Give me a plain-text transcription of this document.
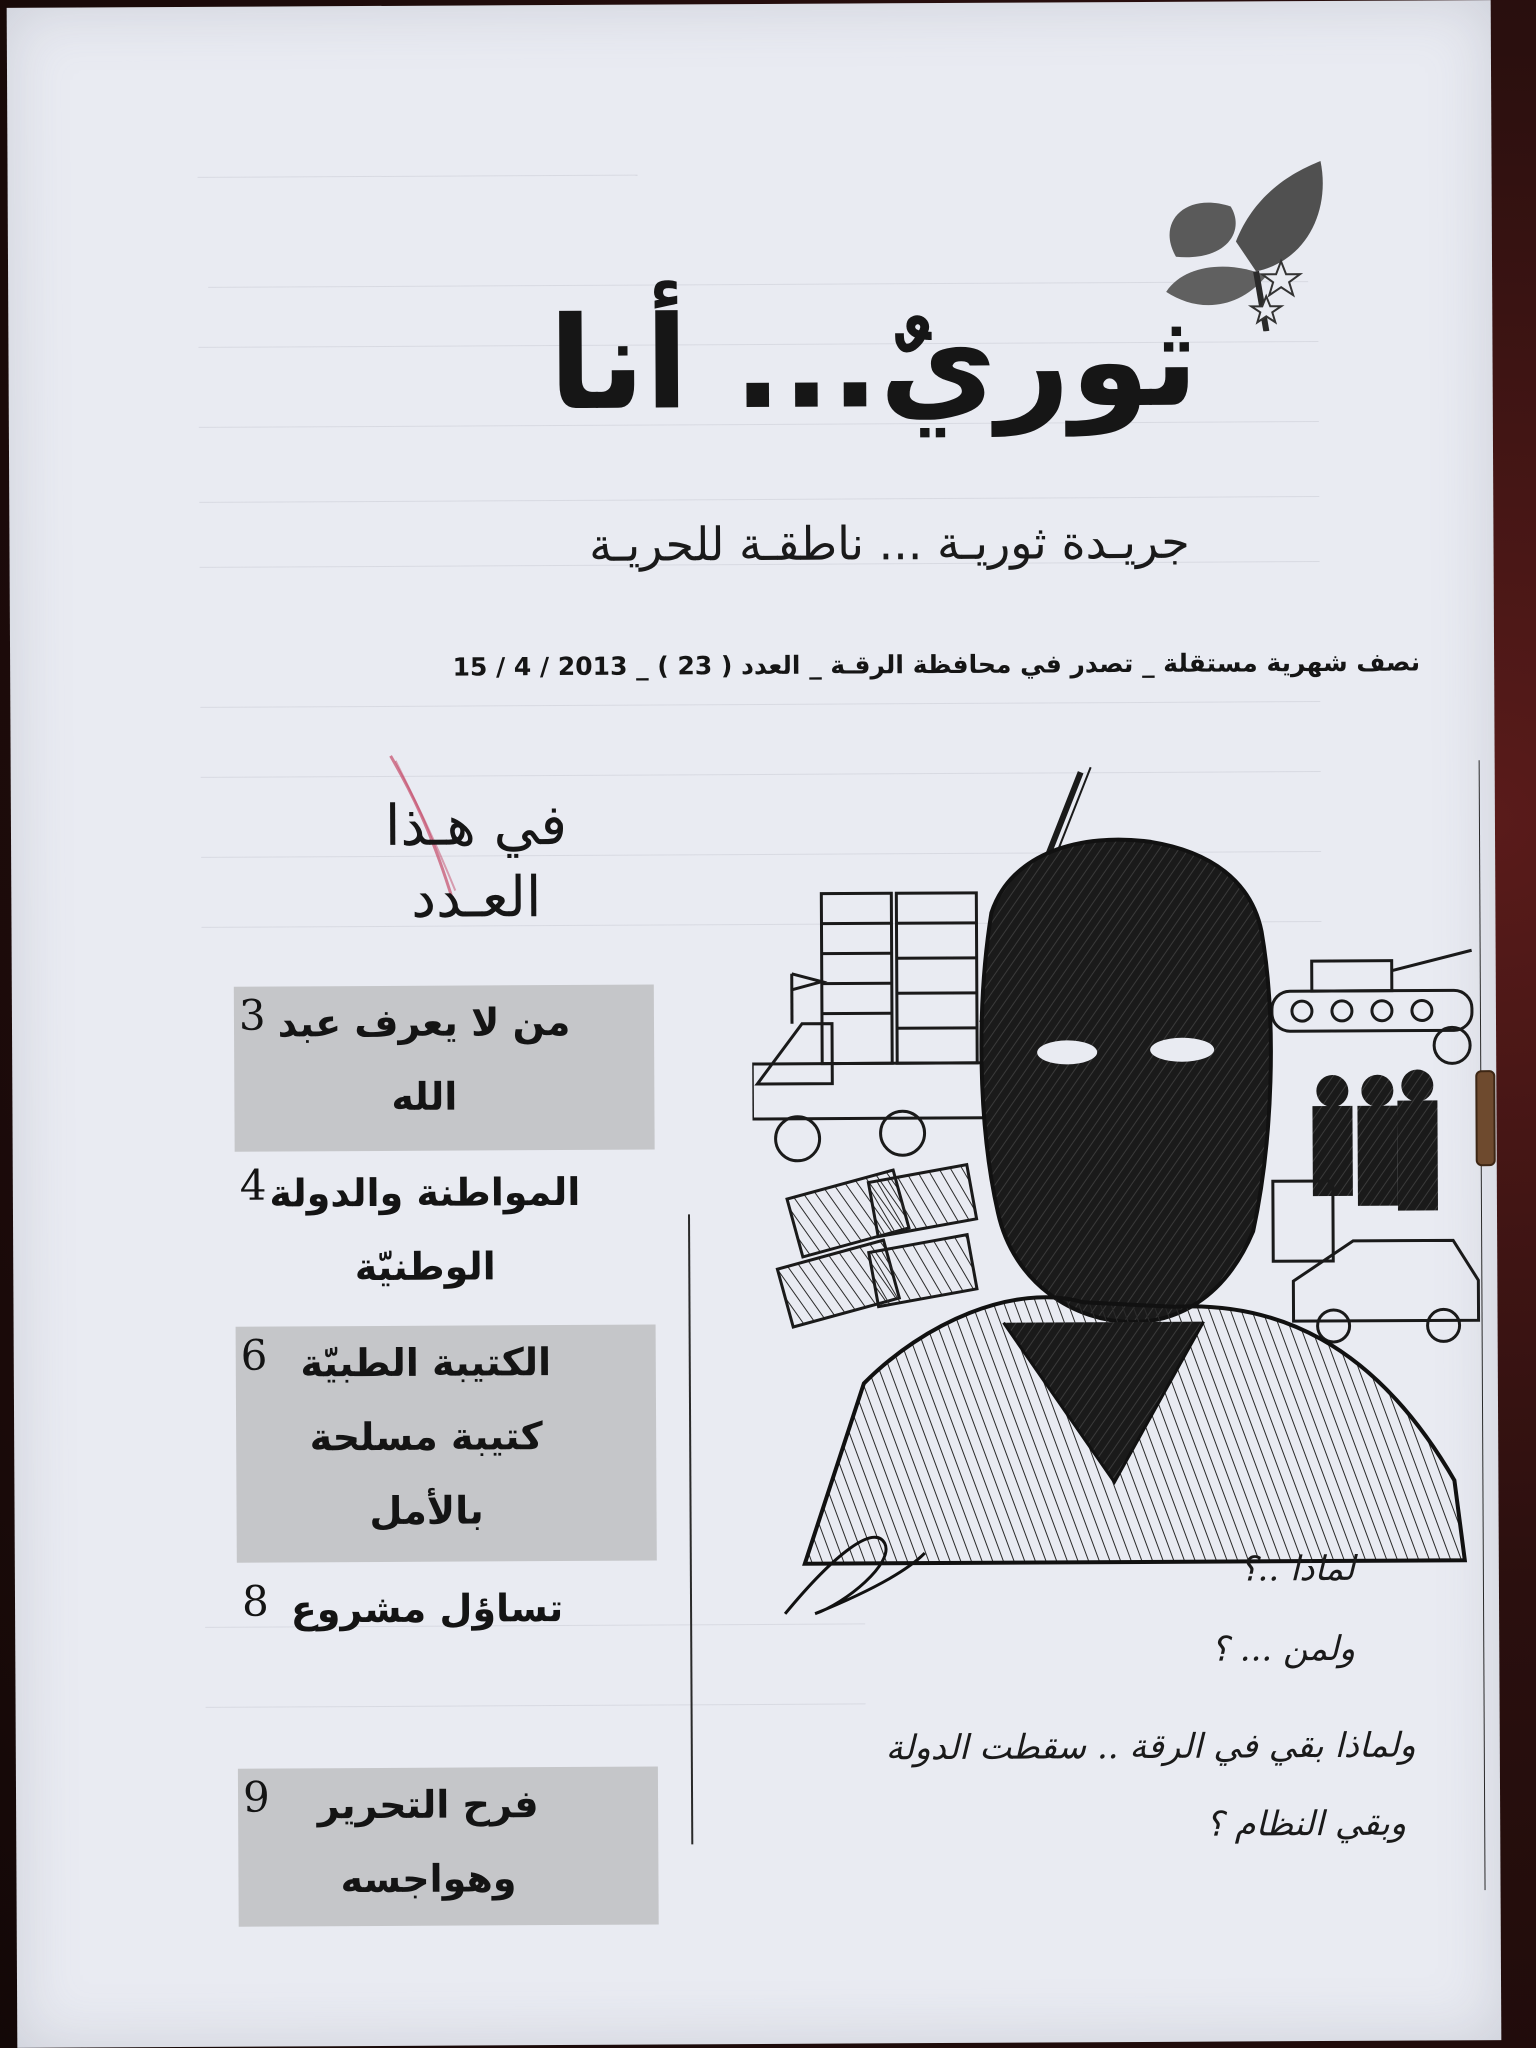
ثوريٌ... أنا
جريـدة ثوريـة ... ناطقـة للحريـة
نصف شهرية مستقلة _ تصدر في محافظة الرقـة _ العدد ( 23 ) _ 2013 / 4 / 15
في هـذا العـدد
من لا يعرف عبد الله
3
المواطنة والدولة الوطنيّة
4
الكتيبة الطبيّة كتيبة مسلحة بالأمل
6
تساؤل مشروع
8
فرح التحرير وهواجسه
9
لماذا ..؟
ولمن ... ؟
ولماذا بقي في الرقة .. سقطت الدولة
وبقي النظام ؟
